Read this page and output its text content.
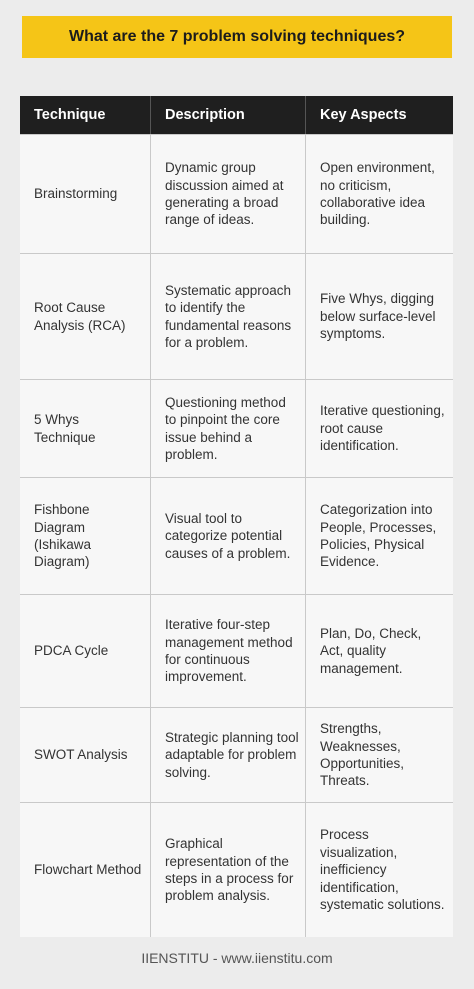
What are the 7 problem solving techniques?
Technique	Description	Key Aspects
Brainstorming
Dynamic group discussion aimed at generating a broad range of ideas.
Open environment, no criticism, collaborative idea building.
Root Cause Analysis (RCA)
Systematic approach to identify the fundamental reasons for a problem.
Five Whys, digging below surface-level symptoms.
5 Whys Technique
Questioning method to pinpoint the core issue behind a problem.
Iterative questioning, root cause identification.
Fishbone Diagram (Ishikawa Diagram)
Visual tool to categorize potential causes of a problem.
Categorization into People, Processes, Policies, Physical Evidence.
PDCA Cycle
Iterative four-step management method for continuous improvement.
Plan, Do, Check, Act, quality management.
SWOT Analysis
Strategic planning tool adaptable for problem solving.
Strengths, Weaknesses, Opportunities, Threats.
Flowchart Method
Graphical representation of the steps in a process for problem analysis.
Process visualization, inefficiency identification, systematic solutions.
IIENSTITU - www.iienstitu.com
